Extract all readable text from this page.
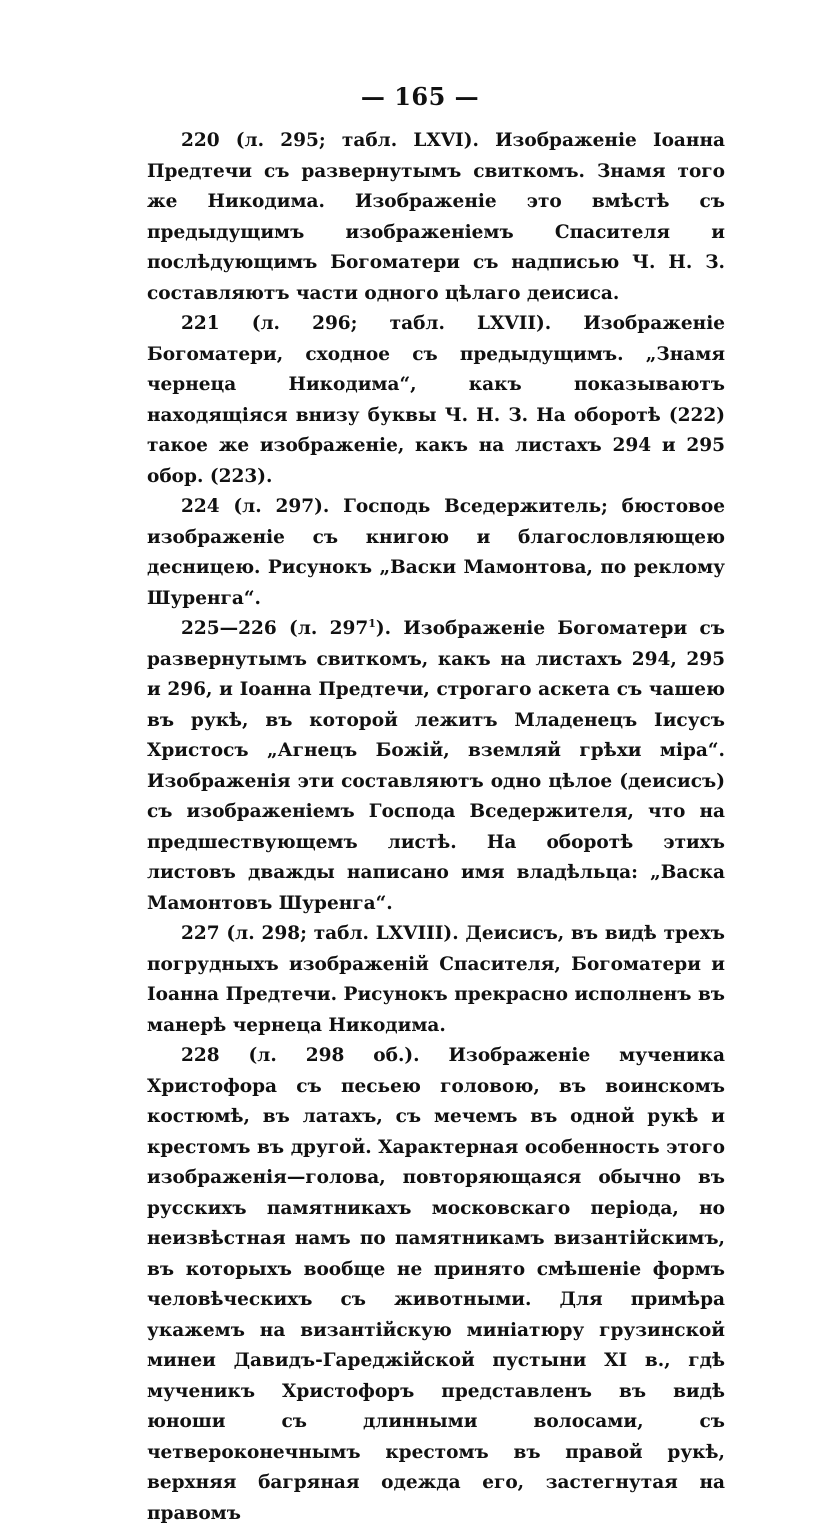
— 165 —

220 (л. 295; табл. LXVI). Изображеніе Іоанна Предтечи съ развернутымъ свиткомъ. Знамя того же Никодима. Изображеніе это вмѣстѣ съ предыдущимъ изображеніемъ Спасителя и послѣдующимъ Богоматери съ надписью Ч. Н. З. составляютъ части одного цѣлаго деисиса.

221 (л. 296; табл. LXVII). Изображеніе Богоматери, сходное съ предыдущимъ. „Знамя чернеца Никодима“, какъ показываютъ находящіяся внизу буквы Ч. Н. З. На оборотѣ (222) такое же изображеніе, какъ на листахъ 294 и 295 обор. (223).

224 (л. 297). Господь Вседержитель; бюстовое изображеніе съ книгою и благословляющею десницею. Рисунокъ „Васки Мамонтова, по реклому Шуренга“.

225—226 (л. $297^1$). Изображеніе Богоматери съ развернутымъ свиткомъ, какъ на листахъ 294, 295 и 296, и Іоанна Предтечи, строгаго аскета съ чашею въ рукѣ, въ которой лежитъ Младенецъ Іисусъ Христосъ „Агнецъ Божій, вземляй грѣхи міра“. Изображенія эти составляютъ одно цѣлое (деисисъ) съ изображеніемъ Господа Вседержителя, что на предшествующемъ листѣ. На оборотѣ этихъ листовъ дважды написано имя владѣльца: „Васка Мамонтовъ Шуренга“.

227 (л. 298; табл. LXVIII). Деисисъ, въ видѣ трехъ погрудныхъ изображеній Спасителя, Богоматери и Іоанна Предтечи. Рисунокъ прекрасно исполненъ въ манерѣ чернеца Никодима.

228 (л. 298 об.). Изображеніе мученика Христофора съ песьею головою, въ воинскомъ костюмѣ, въ латахъ, съ мечемъ въ одной рукѣ и крестомъ въ другой. Характерная особенность этого изображенія—голова, повторяющаяся обычно въ русскихъ памятникахъ московскаго періода, но неизвѣстная намъ по памятникамъ византійскимъ, въ которыхъ вообще не принято смѣшеніе формъ человѣческихъ съ животными. Для примѣра укажемъ на византійскую миніатюру грузинской минеи Давидъ-Гареджійской пустыни XI в., гдѣ мученикъ Христофоръ представленъ въ видѣ юноши съ длинными волосами, съ четвероконечнымъ крестомъ въ правой рукѣ, верхняя багряная одежда его, застегнутая на правомъ
